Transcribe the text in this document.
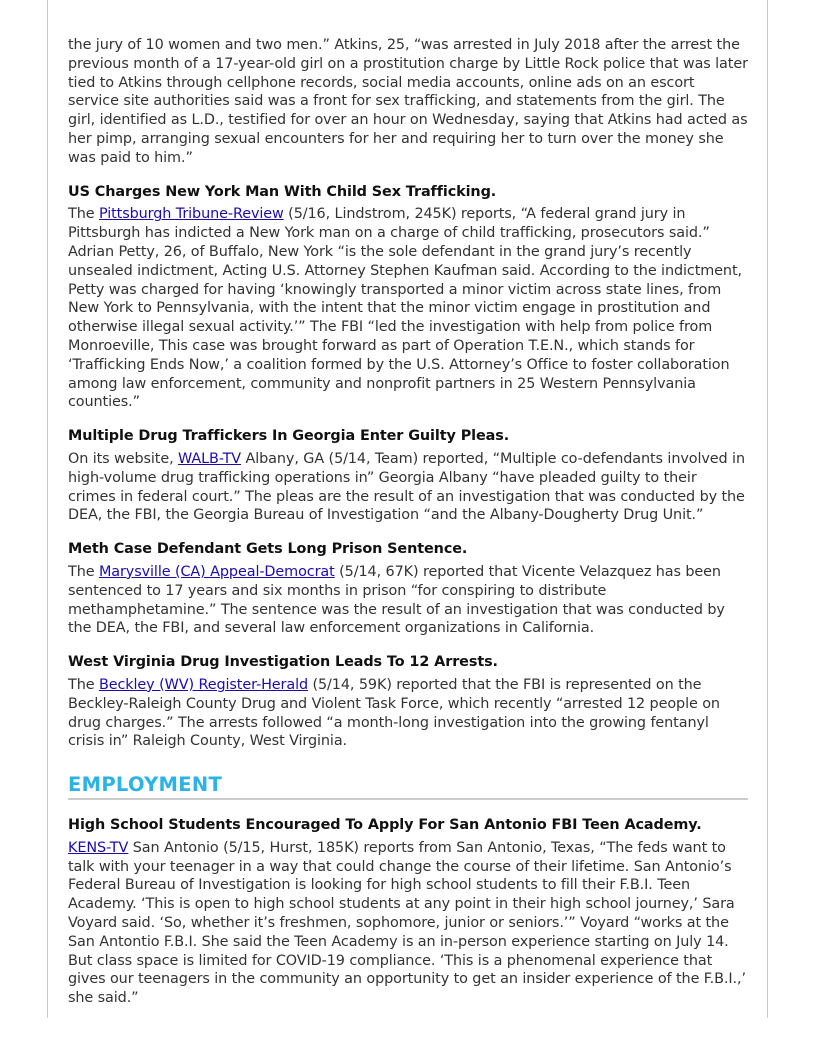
the jury of 10 women and two men.” Atkins, 25, “was arrested in July 2018 after the arrest the previous month of a 17-year-old girl on a prostitution charge by Little Rock police that was later tied to Atkins through cellphone records, social media accounts, online ads on an escort service site authorities said was a front for sex trafficking, and statements from the girl. The girl, identified as L.D., testified for over an hour on Wednesday, saying that Atkins had acted as her pimp, arranging sexual encounters for her and requiring her to turn over the money she was paid to him.”

US Charges New York Man With Child Sex Trafficking.

The Pittsburgh Tribune-Review (5/16, Lindstrom, 245K) reports, “A federal grand jury in Pittsburgh has indicted a New York man on a charge of child trafficking, prosecutors said.” Adrian Petty, 26, of Buffalo, New York “is the sole defendant in the grand jury’s recently unsealed indictment, Acting U.S. Attorney Stephen Kaufman said. According to the indictment, Petty was charged for having ‘knowingly transported a minor victim across state lines, from New York to Pennsylvania, with the intent that the minor victim engage in prostitution and otherwise illegal sexual activity.’” The FBI “led the investigation with help from police from Monroeville, This case was brought forward as part of Operation T.E.N., which stands for ‘Trafficking Ends Now,’ a coalition formed by the U.S. Attorney’s Office to foster collaboration among law enforcement, community and nonprofit partners in 25 Western Pennsylvania counties.”

Multiple Drug Traffickers In Georgia Enter Guilty Pleas.

On its website, WALB-TV Albany, GA (5/14, Team) reported, “Multiple co-defendants involved in high-volume drug trafficking operations in” Georgia Albany “have pleaded guilty to their crimes in federal court.” The pleas are the result of an investigation that was conducted by the DEA, the FBI, the Georgia Bureau of Investigation “and the Albany-Dougherty Drug Unit.”

Meth Case Defendant Gets Long Prison Sentence.

The Marysville (CA) Appeal-Democrat (5/14, 67K) reported that Vicente Velazquez has been sentenced to 17 years and six months in prison “for conspiring to distribute methamphetamine.” The sentence was the result of an investigation that was conducted by the DEA, the FBI, and several law enforcement organizations in California.

West Virginia Drug Investigation Leads To 12 Arrests.

The Beckley (WV) Register-Herald (5/14, 59K) reported that the FBI is represented on the Beckley-Raleigh County Drug and Violent Task Force, which recently “arrested 12 people on drug charges.” The arrests followed “a month-long investigation into the growing fentanyl crisis in” Raleigh County, West Virginia.

EMPLOYMENT
High School Students Encouraged To Apply For San Antonio FBI Teen Academy.

KENS-TV San Antonio (5/15, Hurst, 185K) reports from San Antonio, Texas, “The feds want to talk with your teenager in a way that could change the course of their lifetime. San Antonio’s Federal Bureau of Investigation is looking for high school students to fill their F.B.I. Teen Academy. ‘This is open to high school students at any point in their high school journey,’ Sara Voyard said. ‘So, whether it’s freshmen, sophomore, junior or seniors.’” Voyard “works at the San Antontio F.B.I. She said the Teen Academy is an in-person experience starting on July 14. But class space is limited for COVID-19 compliance. ‘This is a phenomenal experience that gives our teenagers in the community an opportunity to get an insider experience of the F.B.I.,’ she said.”
